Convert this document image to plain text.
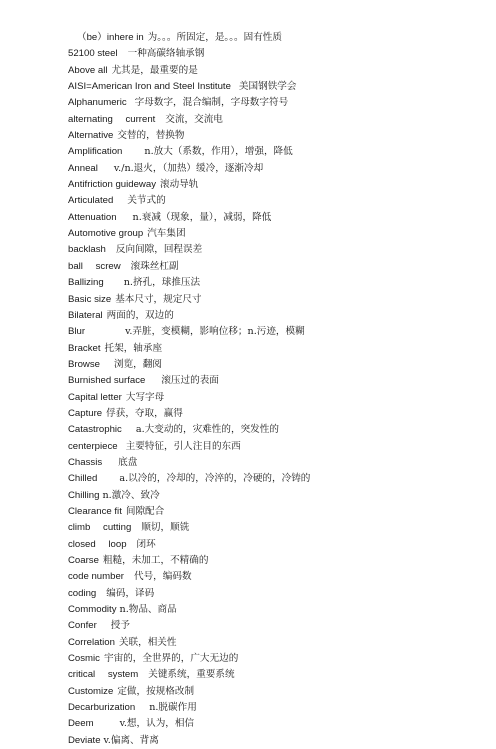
（be）inhere in 为。。。所固定，是。。。固有性质
52100 steel 一种高碳络轴承钢
Above all 尤其是，最重要的是
AISI=American Iron and Steel Institute 美国钢铁学会
Alphanumeric 字母数字，混合编制，字母数字符号
alternating current 交流，交流电
Alternative 交替的，替换物
Amplification n.放大（系数，作用），增强，降低
Anneal v./n.退火，（加热）缓冷，逐渐冷却
Antifriction guideway 滚动导轨
Articulated 关节式的
Attenuation n.衰减（现象，量），减弱，降低
Automotive group 汽车集团
backlash 反向间隙，回程误差
ball screw 滚珠丝杠副
Ballizing n.挤孔，球推压法
Basic size 基本尺寸，规定尺寸
Bilateral 两面的，双边的
Blur	v.弄脏，变模糊，影响位移；n.污迹，模糊
Bracket 托架，轴承座
Browse 浏览，翻阅
Burnished surface 滚压过的表面
Capital letter 大写字母
Capture 俘获，夺取，赢得
Catastrophic a.大变动的，灾难性的，突发性的
centerpiece 主要特征，引人注目的东西
Chassis 底盘
Chilled a.以冷的，冷却的，冷淬的，冷硬的，冷铸的
Chilling n.激冷、致冷
Clearance fit 间隙配合
climb cutting 顺切，顺铣
closed loop 闭环
Coarse 粗糙，未加工，不精确的
code number 代号，编码数
coding 编码，译码
Commodity n.物品、商品
Confer 授予
Correlation 关联，相关性
Cosmic 宇宙的，全世界的，广大无边的
critical system 关键系统，重要系统
Customize 定做，按规格改制
Decarburization n.脱碳作用
Deem	v.想，认为，相信
Deviate v.偏离、背离
